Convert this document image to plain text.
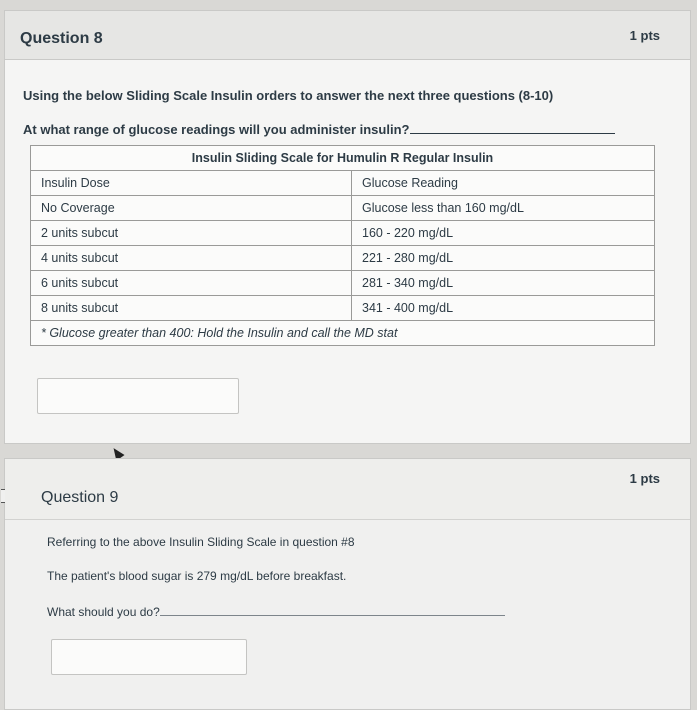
Question 8	1 pts
Using the below Sliding Scale Insulin orders to answer the next three questions (8-10)
At what range of glucose readings will you administer insulin?
Insulin Sliding Scale for Humulin R Regular Insulin	
Insulin Dose	Glucose Reading
No Coverage	Glucose less than 160 mg/dL
2 units subcut	160 - 220 mg/dL
4 units subcut	221 - 280 mg/dL
6 units subcut	281 - 340 mg/dL
8 units subcut	341 - 400 mg/dL
* Glucose greater than 400: Hold the Insulin and call the MD stat	
Question 9
1 pts
Referring to the above Insulin Sliding Scale in question #8
The patient's blood sugar is 279 mg/dL before breakfast.
What should you do?
